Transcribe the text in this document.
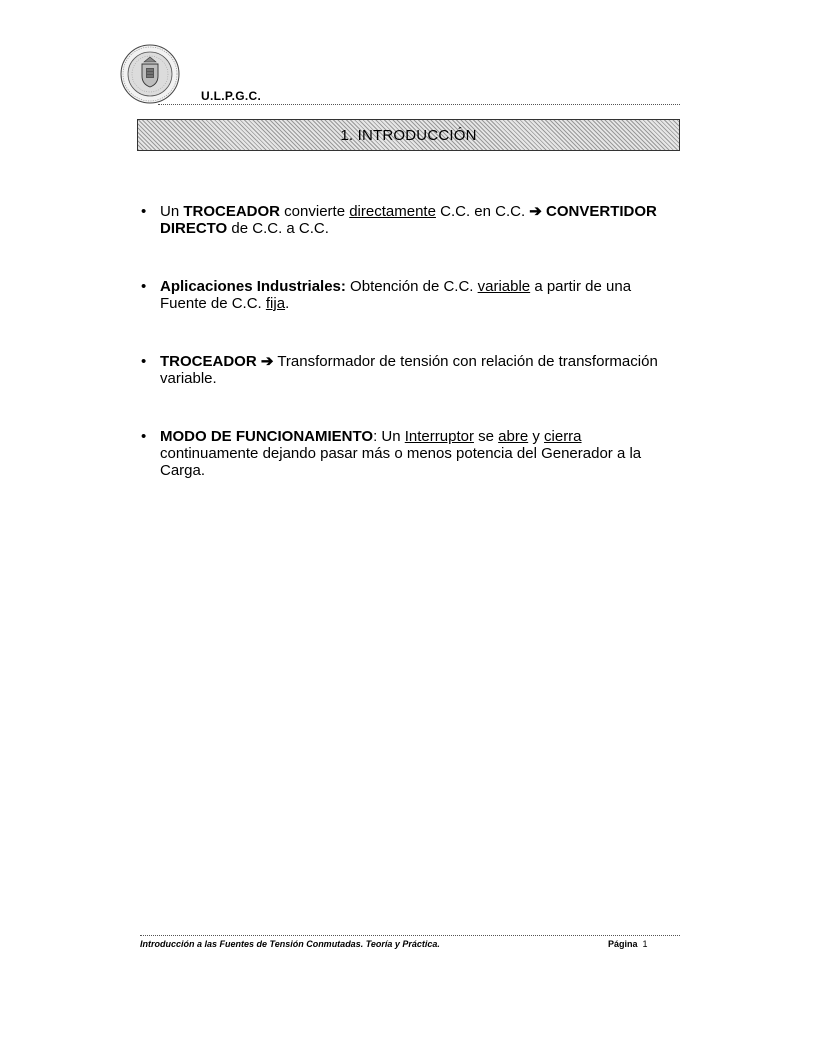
U.L.P.G.C.
1. INTRODUCCIÓN
• Un TROCEADOR convierte directamente C.C. en C.C. ➔ CONVERTIDOR DIRECTO de C.C. a C.C.
• Aplicaciones Industriales: Obtención de C.C. variable a partir de una Fuente de C.C. fija.
• TROCEADOR ➔ Transformador de tensión con relación de transformación variable.
• MODO DE FUNCIONAMIENTO: Un Interruptor se abre y cierra continuamente dejando pasar más o menos potencia del Generador a la Carga.
Introducción a las Fuentes de Tensión Conmutadas. Teoría y Práctica.	Página 1
